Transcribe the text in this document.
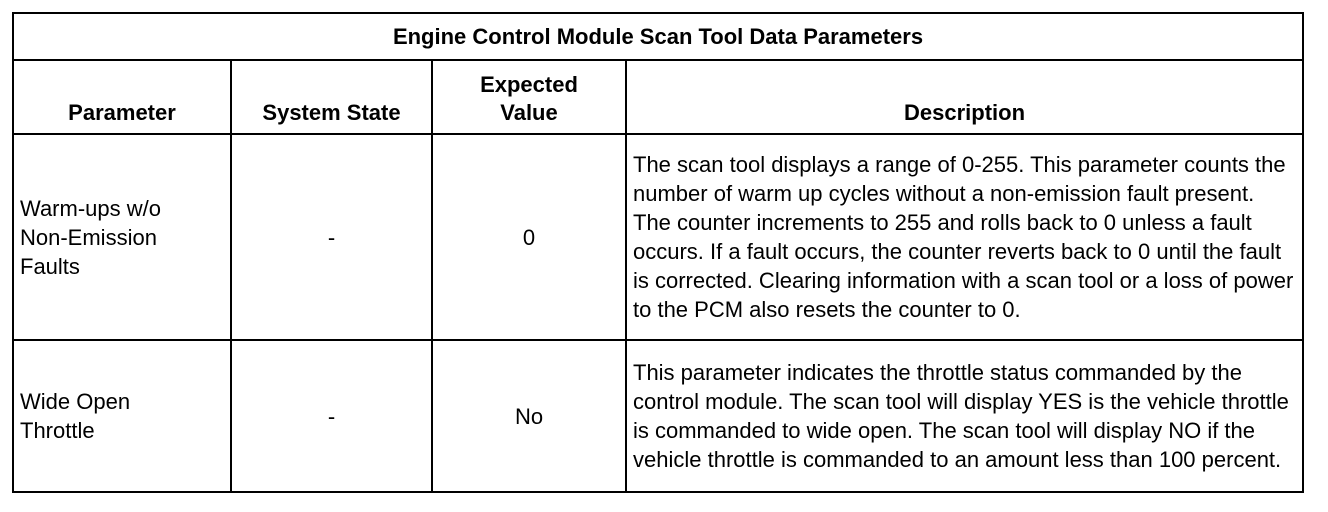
Engine Control Module Scan Tool Data Parameters			
Parameter	System State	Expected Value	Description

Warm-ups w/o Non-Emission Faults	-	0	The scan tool displays a range of 0-255. This parameter counts the number of warm up cycles without a non-emission fault present. The counter increments to 255 and rolls back to 0 unless a fault occurs. If a fault occurs, the counter reverts back to 0 until the fault is corrected. Clearing information with a scan tool or a loss of power to the PCM also resets the counter to 0.

Wide Open Throttle	-	No	This parameter indicates the throttle status commanded by the control module. The scan tool will display YES is the vehicle throttle is commanded to wide open. The scan tool will display NO if the vehicle throttle is commanded to an amount less than 100 percent.
